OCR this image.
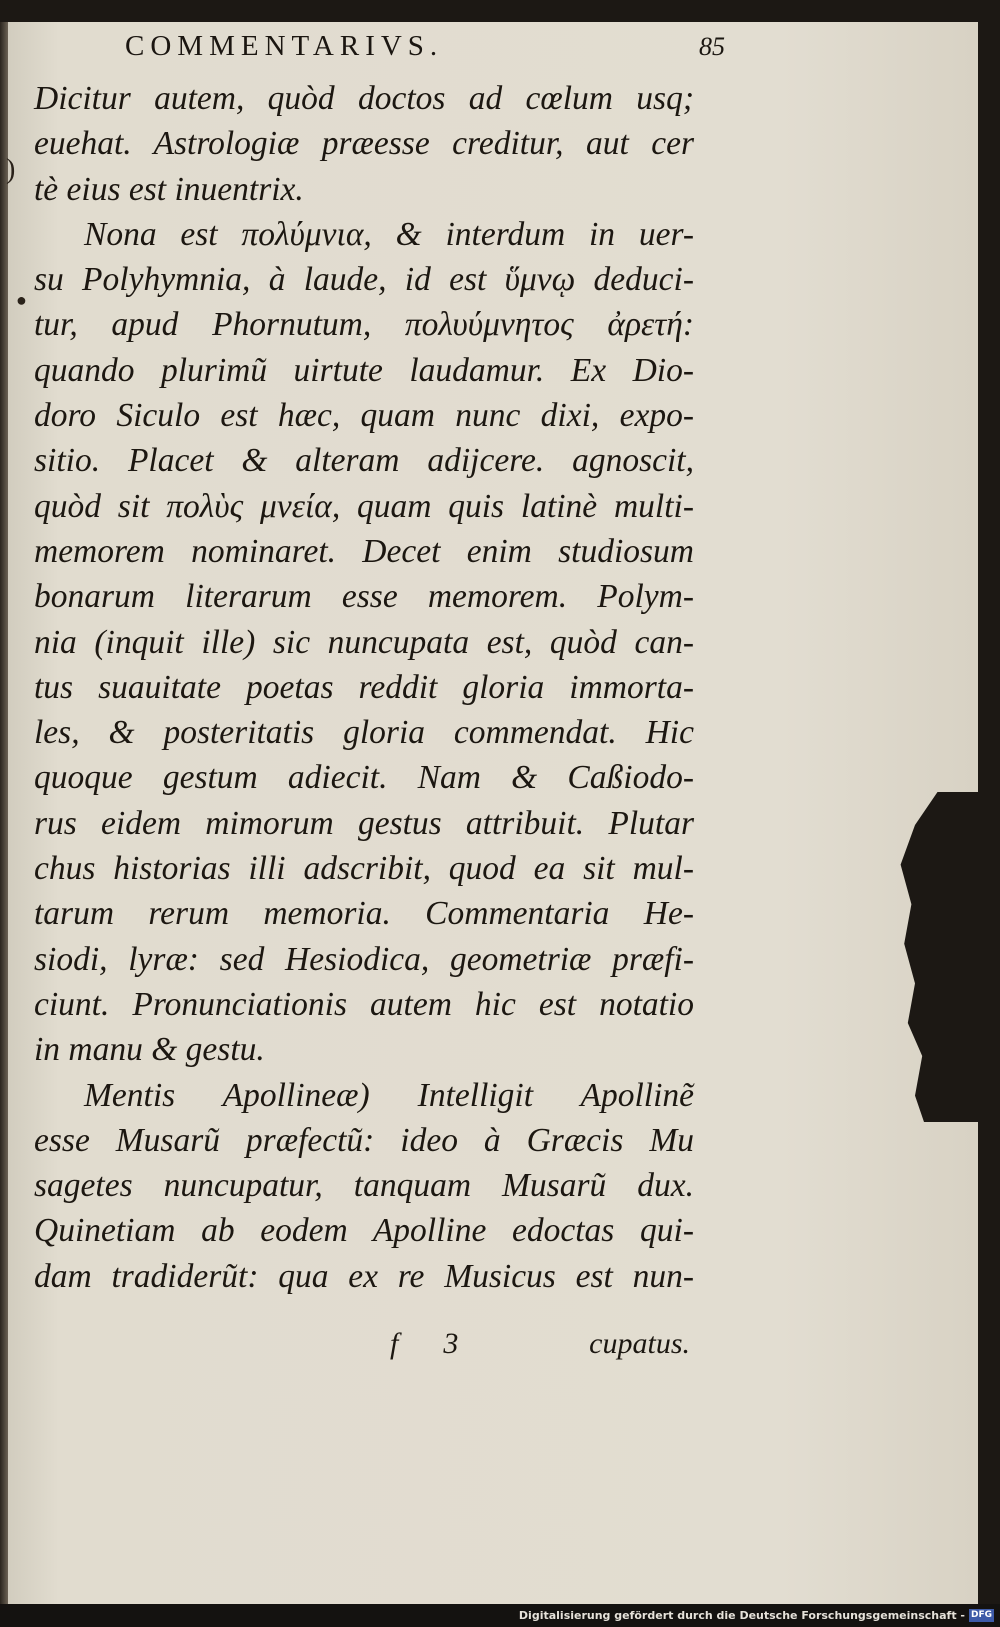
COMMENTARIVS.	85
)
●
Dicitur autem, quòd doctos ad cœlum usq;
euehat. Astrologiæ præesse creditur, aut cer
tè eius est inuentrix.
Nona est πολύμνια, & interdum in uer-
su Polyhymnia, à laude, id est ὕμνῳ deduci-
tur, apud Phornutum, πολυύμνητος ἀρετή:
quando plurimũ uirtute laudamur. Ex Dio-
doro Siculo est hæc, quam nunc dixi, expo-
sitio. Placet & alteram adijcere. agnoscit,
quòd sit πολὺς μνεία, quam quis latinè multi-
memorem nominaret. Decet enim studiosum
bonarum literarum esse memorem. Polym-
nia (inquit ille) sic nuncupata est, quòd can-
tus suauitate poetas reddit gloria immorta-
les, & posteritatis gloria commendat. Hic
quoque gestum adiecit. Nam & Caßiodo-
rus eidem mimorum gestus attribuit. Plutar
chus historias illi adscribit, quod ea sit mul-
tarum rerum memoria. Commentaria He-
siodi, lyræ: sed Hesiodica, geometriæ præfi-
ciunt. Pronunciationis autem hic est notatio
in manu & gestu.
Mentis Apollineæ) Intelligit Apollinẽ
esse Musarũ præfectũ: ideo à Græcis Mu
sagetes nuncupatur, tanquam Musarũ dux.
Quinetiam ab eodem Apolline edoctas qui-
dam tradiderũt: qua ex re Musicus est nun-
f 3	cupatus.
Digitalisierung gefördert durch die Deutsche Forschungsgemeinschaft - DFG
